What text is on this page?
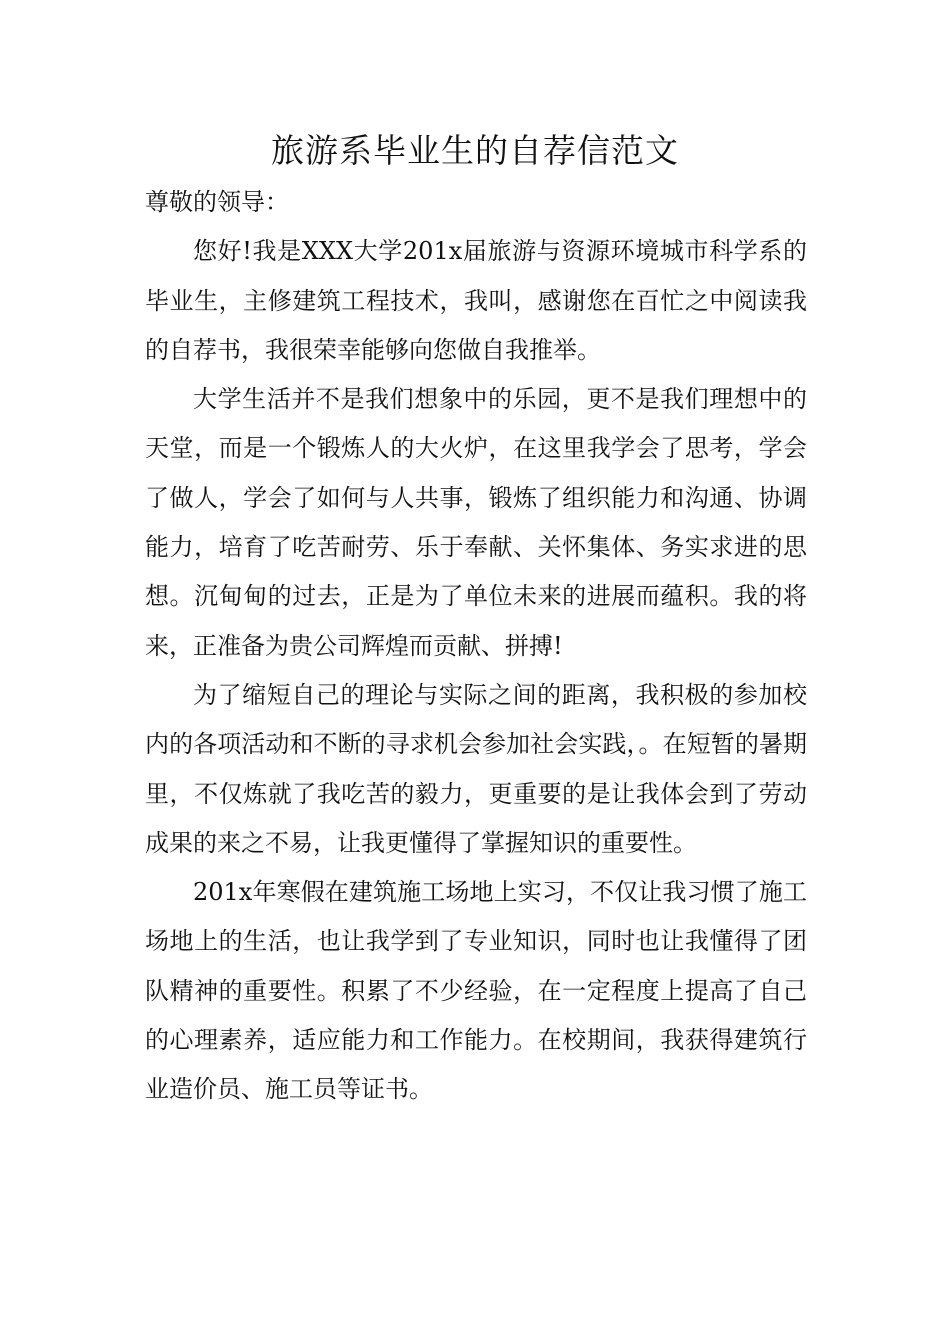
旅游系毕业生的自荐信范文

尊敬的领导：

您好!我是XXX大学201x届旅游与资源环境城市科学系的毕业生，主修建筑工程技术，我叫，感谢您在百忙之中阅读我的自荐书，我很荣幸能够向您做自我推举。

大学生活并不是我们想象中的乐园，更不是我们理想中的天堂，而是一个锻炼人的大火炉，在这里我学会了思考，学会了做人，学会了如何与人共事，锻炼了组织能力和沟通、协调能力，培育了吃苦耐劳、乐于奉献、关怀集体、务实求进的思想。沉甸甸的过去，正是为了单位未来的进展而蕴积。我的将来，正准备为贵公司辉煌而贡献、拼搏!

为了缩短自己的理论与实际之间的距离，我积极的参加校内的各项活动和不断的寻求机会参加社会实践，。在短暂的暑期里，不仅炼就了我吃苦的毅力，更重要的是让我体会到了劳动成果的来之不易，让我更懂得了掌握知识的重要性。

201x年寒假在建筑施工场地上实习，不仅让我习惯了施工场地上的生活，也让我学到了专业知识，同时也让我懂得了团队精神的重要性。积累了不少经验，在一定程度上提高了自己的心理素养，适应能力和工作能力。在校期间，我获得建筑行业造价员、施工员等证书。
